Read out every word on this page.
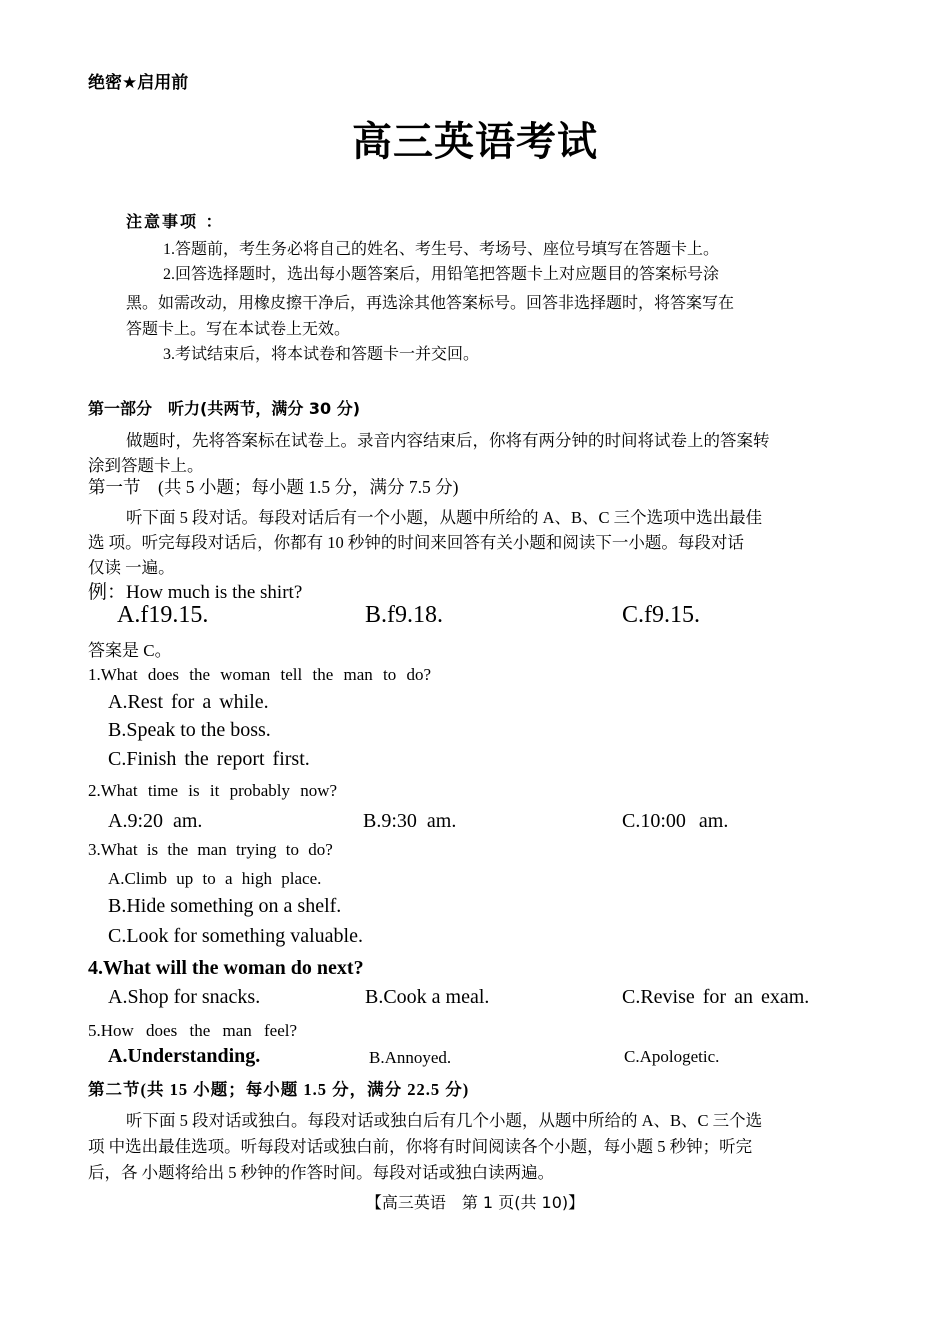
绝密★启用前
高三英语考试
注意事项 ：
1.答题前，考生务必将自己的姓名、考生号、考场号、座位号填写在答题卡上。
2.回答选择题时，选出每小题答案后，用铅笔把答题卡上对应题目的答案标号涂
黑。如需改动，用橡皮擦干净后，再选涂其他答案标号。回答非选择题时，将答案写在
答题卡上。写在本试卷上无效。
3.考试结束后，将本试卷和答题卡一并交回。
第一部分　听力(共两节，满分 30 分)
做题时，先将答案标在试卷上。录音内容结束后，你将有两分钟的时间将试卷上的答案转
涂到答题卡上。
第一节　(共 5 小题；每小题 1.5 分，满分 7.5 分)
听下面 5 段对话。每段对话后有一个小题，从题中所给的 A、B、C 三个选项中选出最佳
选 项。听完每段对话后，你都有 10 秒钟的时间来回答有关小题和阅读下一小题。每段对话
仅读 一遍。
例：How much is the shirt?
A.f19.15.	B.f9.18.	C.f9.15.
答案是 C。
1.What does the woman tell the man to do?
A.Rest for a while.
B.Speak to the boss.
C.Finish the report first.
2.What time is it probably now?
A.9:20 am.	B.9:30 am.	C.10:00 am.
3.What is the man trying to do?
A.Climb up to a high place.
B.Hide something on a shelf.
C.Look for something valuable.
4.What will the woman do next?
A.Shop for snacks.	B.Cook a meal.	C.Revise for an exam.
5.How does the man feel?
A.Understanding.	B.Annoyed.	C.Apologetic.
第二节(共 15 小题；每小题 1.5 分，满分 22.5 分)
听下面 5 段对话或独白。每段对话或独白后有几个小题，从题中所给的 A、B、C 三个选
项 中选出最佳选项。听每段对话或独白前，你将有时间阅读各个小题，每小题 5 秒钟；听完
后，各 小题将给出 5 秒钟的作答时间。每段对话或独白读两遍。
【高三英语　第 1 页(共 10)】
